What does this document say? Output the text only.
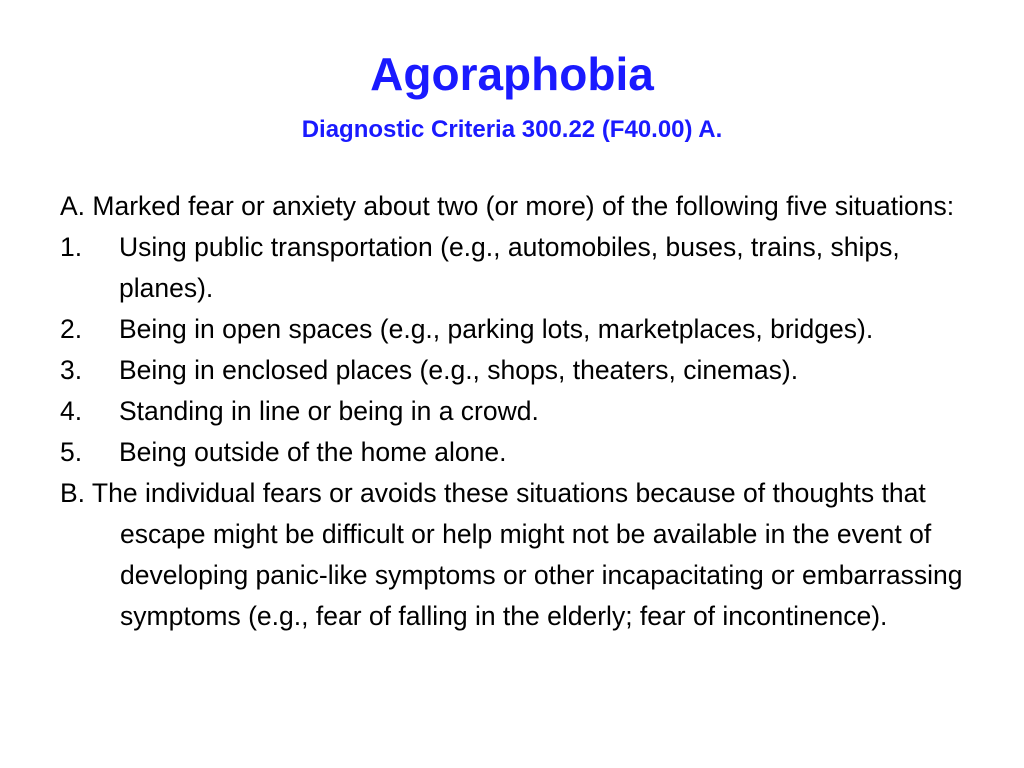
Agoraphobia
Diagnostic Criteria 300.22 (F40.00) A.
A. Marked fear or anxiety about two (or more) of the following five situations:
1. Using public transportation (e.g., automobiles, buses, trains, ships, planes).
2. Being in open spaces (e.g., parking lots, marketplaces, bridges).
3. Being in enclosed places (e.g., shops, theaters, cinemas).
4. Standing in line or being in a crowd.
5. Being outside of the home alone.
B. The individual fears or avoids these situations because of thoughts that escape might be difficult or help might not be available in the event of developing panic-like symptoms or other incapacitating or embarrassing symptoms (e.g., fear of falling in the elderly; fear of incontinence).
